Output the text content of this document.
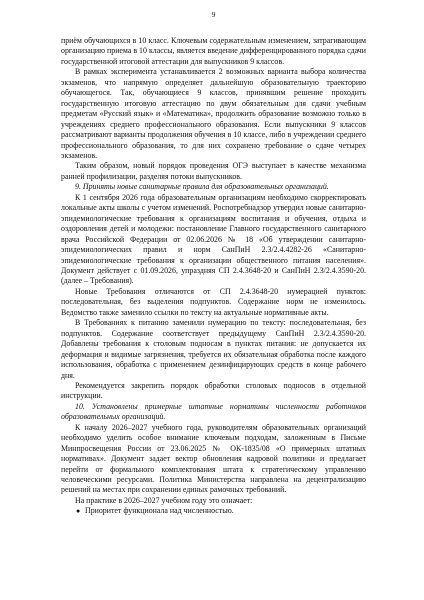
9

приём обучающихся в 10 класс. Ключевым содержательным изменением, затрагивающим организацию приема в 10 классы, является введение дифференцированного порядка сдачи государственной итоговой аттестации для выпускников 9 классов.

В рамках эксперимента устанавливается 2 возможных варианта выбора количества экзаменов, что напрямую определяет дальнейшую образовательную траекторию обучающегося. Так, обучающиеся 9 классов, принявшим решение проходить государственную итоговую аттестацию по двум обязательным для сдачи учебным предметам «Русский язык» и «Математика», продолжить образование возможно только в учреждениях среднего профессионального образования. Если выпускники 9 классов рассматривают варианты продолжения обучения в 10 классе, либо в учреждении среднего профессионального образования, то для них сохранено требование о сдаче четырех экзаменов.

Таким образом, новый порядок проведения ОГЭ выступает в качестве механизма ранней профилизации, разделяя потоки выпускников.

9. Приняты новые санитарные правила для образовательных организаций.

К 1 сентября 2026 года образовательным организациям необходимо скорректировать локальные акты школы с учетом изменений. Роспотребнадзор утвердил новые санитарно-эпидемиологические требования к организациям воспитания и обучения, отдыха и оздоровления детей и молодежи: постановление Главного государственного санитарного врача Российской Федерации от 02.06.2026 № 18 «Об утверждении санитарно-эпидемиологических правил и норм СанПиН 2.3/2.4.4282-26 «Санитарно-эпидемиологические требования к организации общественного питания населения». Документ действует с 01.09.2026, упраздняя СП 2.4.3648-20 и СанПиН 2.3/2.4.3590-20. (далее – Требования).

Новые Требования отличаются от СП 2.4.3648-20 нумерацией пунктов: последовательная, без выделения подпунктов. Содержание норм не изменилось. Ведомство также заменило ссылки по тексту на актуальные нормативные акты.

В Требованиях к питанию заменили нумерацию по тексту: последовательная, без подпунктов. Содержание соответствует предыдущему СанПиН 2.3/2.4.3590-20. Добавлены требования к столовым подносам в пунктах питания: не допускается их деформация и видимые загрязнения, требуется их обязательная обработка после каждого использования, обработка с применением дезинфицирующих средств в конце рабочего дня.

Рекомендуется закрепить порядок обработки столовых подносов в отдельной инструкции.

10. Установлены примерные штатные нормативы численности работников образовательных организаций.

К началу 2026–2027 учебного года, руководителям образовательных организаций необходимо уделить особое внимание ключевым подходам, заложенным в Письме Минпросвещения России от 23.06.2025 № ОК-1835/08 «О примерных штатных нормативах». Документ задает вектор обновления кадровой политики и предлагает перейти от формального комплектования штата к стратегическому управлению человеческими ресурсами. Политика Министерства направлена на децентрализацию решений на местах при сохранении единых рамочных требований.

На практике в 2026–2027 учебном году это означает:

● Приоритет функционала над численностью.
